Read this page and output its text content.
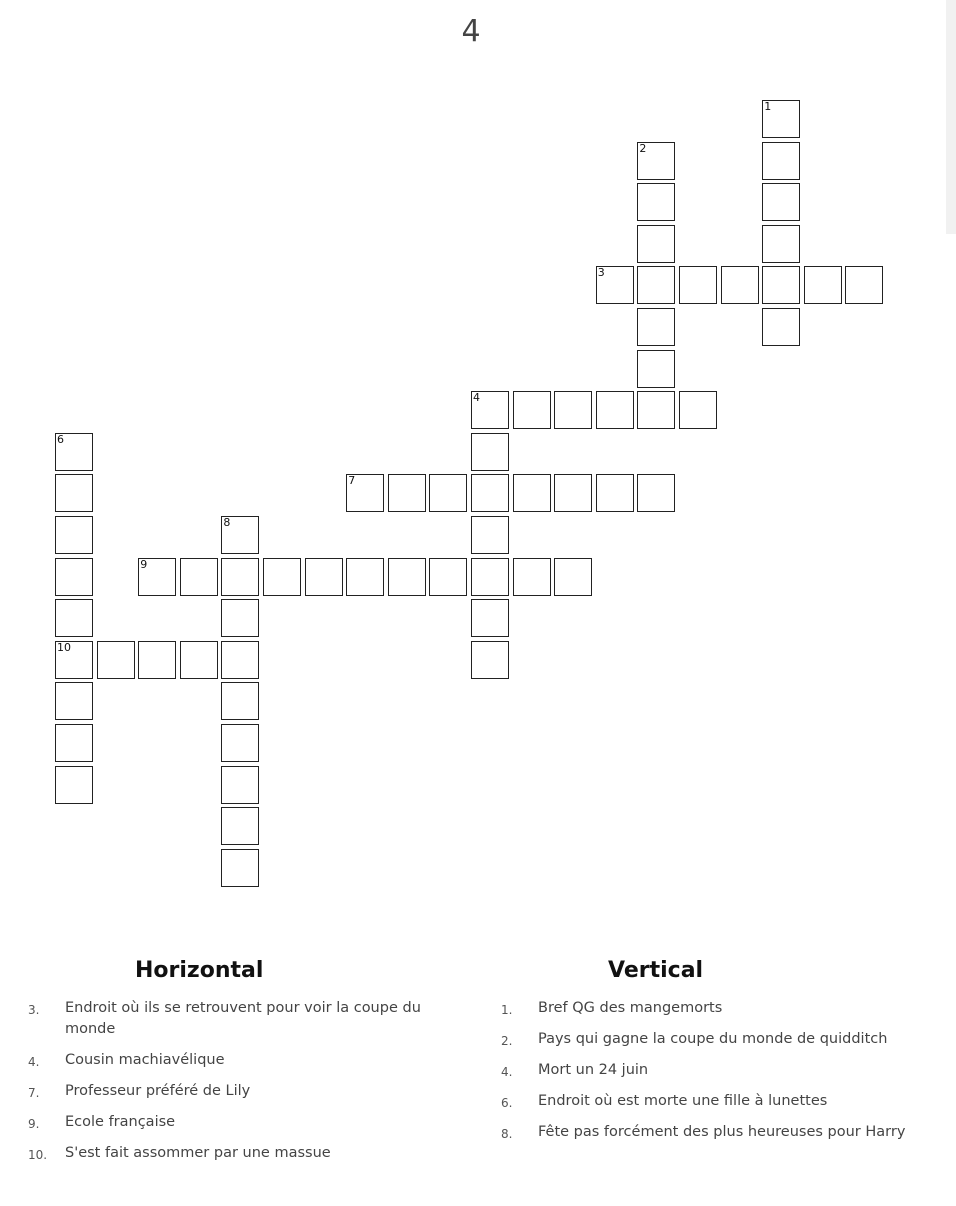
4
3
4
7
9
10
1
2
6
8
Horizontal	Vertical
3. Endroit où ils se retrouvent pour voir la coupe du monde
4. Cousin machiavélique
7. Professeur préféré de Lily
9. Ecole française
10. S'est fait assommer par une massue
1. Bref QG des mangemorts
2. Pays qui gagne la coupe du monde de quidditch
4. Mort un 24 juin
6. Endroit où est morte une fille à lunettes
8. Fête pas forcément des plus heureuses pour Harry
